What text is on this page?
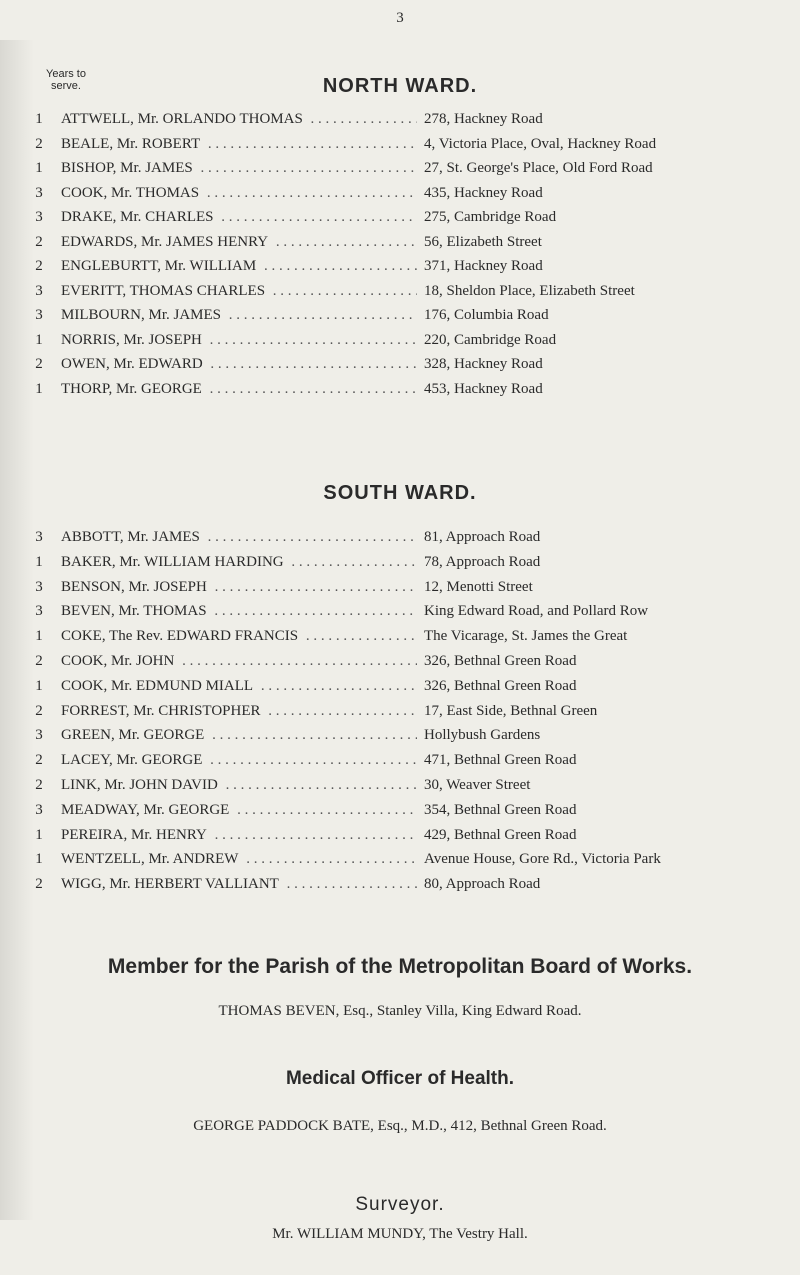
3
Years to serve.	NORTH WARD.
1 ATTWELL, Mr. ORLANDO THOMAS . . .	278, Hackney Road
2 BEALE, Mr. ROBERT . . .	4, Victoria Place, Oval, Hackney Road
1 BISHOP, Mr. JAMES . . .	27, St. George's Place, Old Ford Road
3 COOK, Mr. THOMAS . . .	435, Hackney Road
3 DRAKE, Mr. CHARLES . . .	275, Cambridge Road
2 EDWARDS, Mr. JAMES HENRY . . .	56, Elizabeth Street
2 ENGLEBURTT, Mr. WILLIAM . . .	371, Hackney Road
3 EVERITT, THOMAS CHARLES . . .	18, Sheldon Place, Elizabeth Street
3 MILBOURN, Mr. JAMES . . .	176, Columbia Road
1 NORRIS, Mr. JOSEPH . . .	220, Cambridge Road
2 OWEN, Mr. EDWARD . . .	328, Hackney Road
1 THORP, Mr. GEORGE . . .	453, Hackney Road
SOUTH WARD.
3 ABBOTT, Mr. JAMES . . .	81, Approach Road
1 BAKER, Mr. WILLIAM HARDING . . .	78, Approach Road
3 BENSON, Mr. JOSEPH . . .	12, Menotti Street
3 BEVEN, Mr. THOMAS . . .	King Edward Road, and Pollard Row
1 COKE, The Rev. EDWARD FRANCIS . . .	The Vicarage, St. James the Great
2 COOK, Mr. JOHN . . .	326, Bethnal Green Road
1 COOK, Mr. EDMUND MIALL . . .	326, Bethnal Green Road
2 FORREST, Mr. CHRISTOPHER . . .	17, East Side, Bethnal Green
3 GREEN, Mr. GEORGE . . .	Hollybush Gardens
2 LACEY, Mr. GEORGE . . .	471, Bethnal Green Road
2 LINK, Mr. JOHN DAVID . . .	30, Weaver Street
3 MEADWAY, Mr. GEORGE . . .	354, Bethnal Green Road
1 PEREIRA, Mr. HENRY . . .	429, Bethnal Green Road
1 WENTZELL, Mr. ANDREW . . .	Avenue House, Gore Rd., Victoria Park
2 WIGG, Mr. HERBERT VALLIANT . . .	80, Approach Road
Member for the Parish of the Metropolitan Board of Works.
THOMAS BEVEN, Esq., Stanley Villa, King Edward Road.
Medical Officer of Health.
GEORGE PADDOCK BATE, Esq., M.D., 412, Bethnal Green Road.
Surveyor.
Mr. WILLIAM MUNDY, The Vestry Hall.
